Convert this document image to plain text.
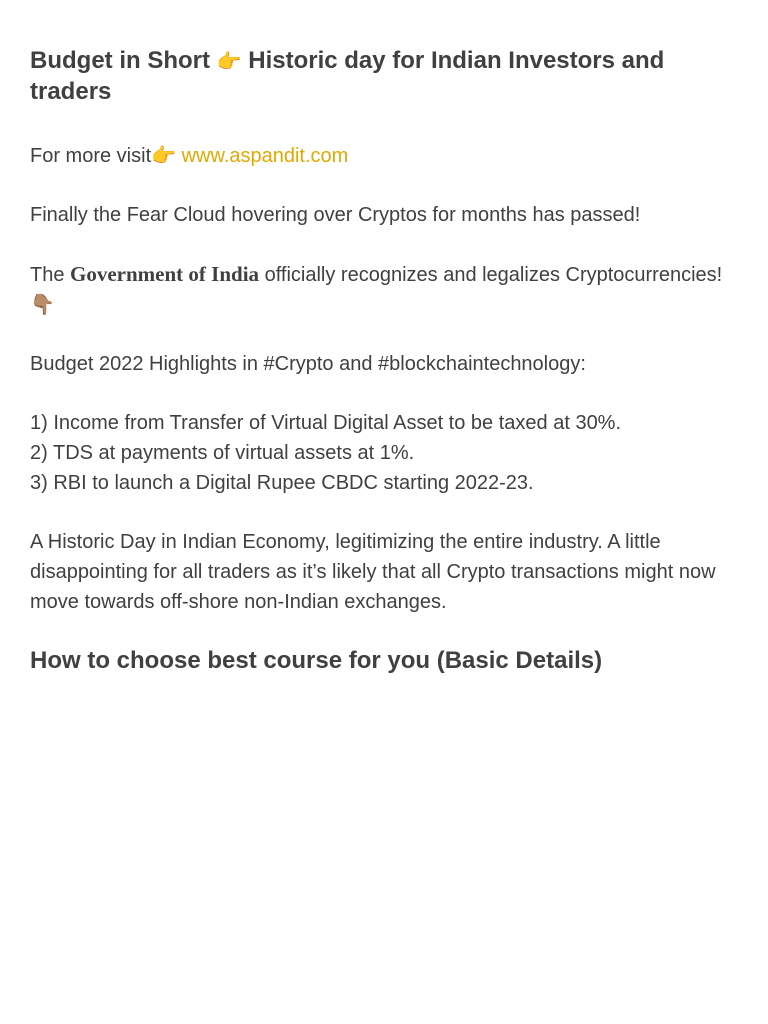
Budget in Short 👉 Historic day for Indian Investors and traders

For more visit👉 www.aspandit.com

Finally the Fear Cloud hovering over Cryptos for months has passed!

The Government of India officially recognizes and legalizes Cryptocurrencies! 👇🏽

Budget 2022 Highlights in #Crypto and #blockchaintechnology:

1) Income from Transfer of Virtual Digital Asset to be taxed at 30%.
2) TDS at payments of virtual assets at 1%.
3) RBI to launch a Digital Rupee CBDC starting 2022-23.

A Historic Day in Indian Economy, legitimizing the entire industry. A little disappointing for all traders as it’s likely that all Crypto transactions might now move towards off-shore non-Indian exchanges.

How to choose best course for you (Basic Details)
